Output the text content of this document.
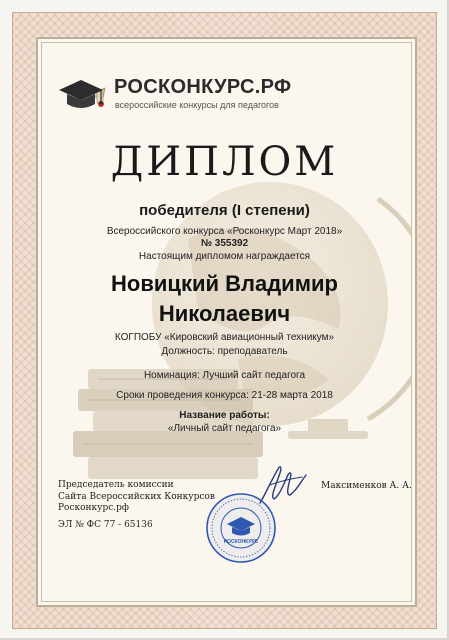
РОСКОНКУРС.РФ
всероссийские конкурсы для педагогов
ДИПЛОМ
победителя (I степени)
Всероссийского конкурса «Росконкурс Март 2018»
№ 355392
Настоящим дипломом награждается
Новицкий Владимир
Николаевич
КОГПОБУ «Кировский авиационный техникум»
Должность: преподаватель
Номинация: Лучший сайт педагога
Сроки проведения конкурса: 21-28 марта 2018
Название работы:
«Личный сайт педагога»
Председатель комиссии
Сайта Всероссийских Конкурсов
Росконкурс.рф
Максименков А. А.
ЭЛ № ФС 77 - 65136
РОСКОНКУРС
